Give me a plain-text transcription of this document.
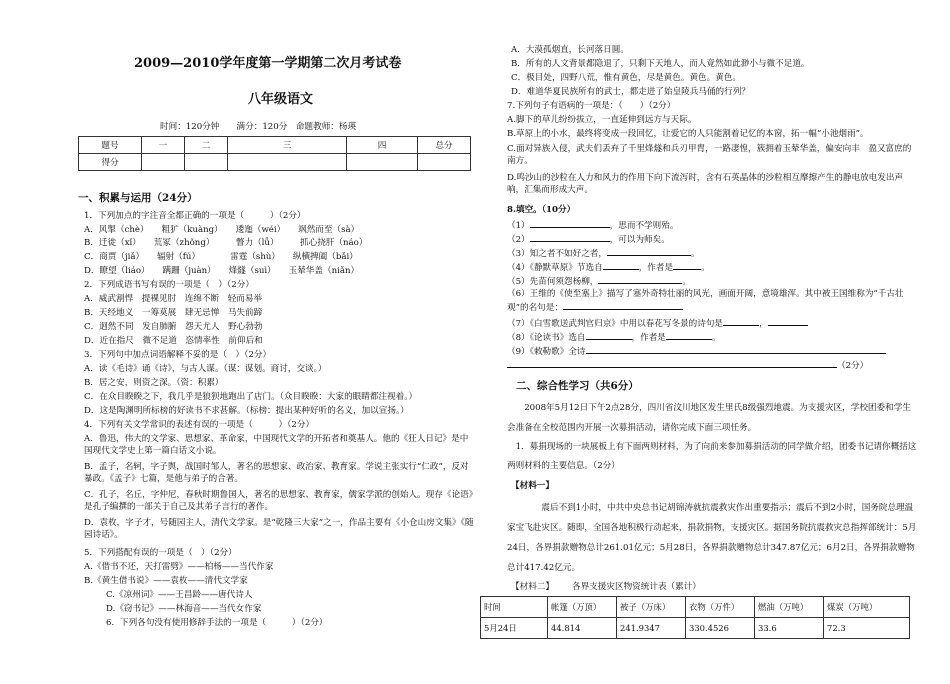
2009—2010学年度第一学期第二次月考试卷
八年级语文
时间：120分钟　　满分：120分　命题教师：杨瑛
题号	一	二	三	四	总分
得分					
一、积累与运用（24分）
1．下列加点的字注音全都正确的一项是（　　　）（2分）
A．风掣（chè）　　粗犷（kuàng）　　逶迤（wéi）　　飒然而至（sà）
B．迁徙（xǐ）　　荒冢（zhǒng）　　　瞥力（lǚ）　　　抓心挠肝（náo）
C．商贾（jiǎ）　　辐射（fú）　　　　雷霆（shù）　　纵横捭阖（bǎi）
D．瞭望（liáo）　　蹒跚（juàn）　　烽燧（suì）　　玉辇华盖（niǎn）
2．下列成语书写有误的一项是（　）（2分）
A．威武割悍　提裸见肘　连绵不断　轻而易举
B．天经地义　一筹莫展　肆无忌惮　马失前蹄
C．迥然不同　发自肺腑　怨天尤人　野心勃勃
D．近在指尺　微不足道　恣情率性　前仰后和
3．下列句中加点词语解释不妥的是（　）（2分）
A．读《毛诗》诵《诗》，与古人谋。（谋：谋划。商讨，交谈。）
B．居之安，则资之深。（资：积累）
C．在众目睽睽之下，我几乎是狼狈地跑出了店门。（众目睽睽：大家的眼睛都注视着。）
D．这是陶渊明所标榜的好读书不求甚解。（标榜：提出某种好听的名义，加以宣扬。）
4．下列有关文学常识的表述有误的一项是（　　　）（2分）
A．鲁迅，伟大的文学家、思想家、革命家，中国现代文学的开拓者和奠基人。他的《狂人日记》是中国现代文学史上第一篇白话文小说。
B．孟子，名轲，字子舆，战国时邹人，著名的思想家、政治家、教育家。学说主张实行“仁政”，反对暴政。《孟子》七篇，是他与弟子的合著。
C．孔子，名丘，字仲尼，春秋时期鲁国人，著名的思想家、教育家，儒家学派的创始人。现存《论语》是孔子编撰的一部关于自己及其弟子言行的著作。
D．袁枚，字子才，号随园主人，清代文学家。是“乾隆三大家”之一，作品主要有《小仓山房文集》《随园诗话》。
5．下列搭配有误的一项是（　）（2分）
A.《借书不还，天打雷劈》——柏杨——当代作家
B.《黄生借书说》——袁枚——清代文学家
C.《凉州词》——王昌龄——唐代诗人
D.《窃书记》——林海音——当代女作家
6．下列各句没有使用修辞手法的一项是（　　　）（2分）
A．大漠孤烟直，长河落日圆。
B．所有的人文背景都隐退了，只剩下天地人，而人竟然如此渺小与微不足道。
C．极目处，四野八荒，惟有黄色，尽是黄色。黄色。黄色。
D．难道华夏民族所有的武士，都走进了始皇陵兵马俑的行列？
7.下列句子有语病的一项是：（　　）（2分）
A.脚下的草儿纷纷拔立，一直延伸到远方与天际。
B.草原上的小水，最终将变成一段回忆，让爱它的人只能割着记忆的本窗，拓一幅“小池烟雨”。
C.面对异族入侵，武夫们丢弃了千里烽燧和兵刃甲胄，一路凄惶，簇拥着玉辇华盖，偏安向丰　盈又富庶的南方。
D.鸣沙山的沙粒在人力和风力的作用下向下流泻时，含有石英晶体的沙粒相互摩擦产生的静电放电发出声响，汇集而形成大声。
8.填空。（10分）
（1）	，思而不学则殆。
（2）	，可以为师矣。
（3）知之者不如好之者，	。
（4）《静默草原》节选自	，作者是	。
（5）先苗何须怨杨柳，	。
（6）王维的《使至塞上》描写了塞外奇特壮丽的风光，画面开阔，意境雄浑。其中被王国维称为“千古壮观”的名句是：
（7）《白雪歌送武判官归京》中用以春花写冬景的诗句是	，
（8）《论读书》选自	，作者是	。
（9）《敕勒歌》全诗
（2分）
二、综合性学习（共6分）
2008年5月12日下午2点28分，四川省汶川地区发生里氏8级强烈地震。为支援灾区，学校团委和学生会准备在全校范围内开展一次募捐活动，请你完成下面三项任务。
1．募捐现场的一块展板上有下面两则材料，为了向前来参加募捐活动的同学做介绍，团委书记请你概括这两则材料的主要信息。（2分）
【材料一】
震后不到1小时，中共中央总书记胡锦涛就抗震救灾作出重要指示；震后不到2小时，国务院总理温家宝飞赴灾区。随即，全国各地积极行动起来，捐款捐物，支援灾区。据国务院抗震救灾总指挥部统计：5月24日，各界捐款赠物总计261.01亿元；5月28日，各界捐款赠物总计347.87亿元；6月2日，各界捐款赠物总计417.42亿元。
【材料二】 各界支援灾区物资统计表（累计）
时间	帐篷（万顶）	被子（万床）	衣物（万件）	燃油（万吨）	煤炭（万吨）
5月24日	44.814	241.9347	330.4526	33.6	72.3
